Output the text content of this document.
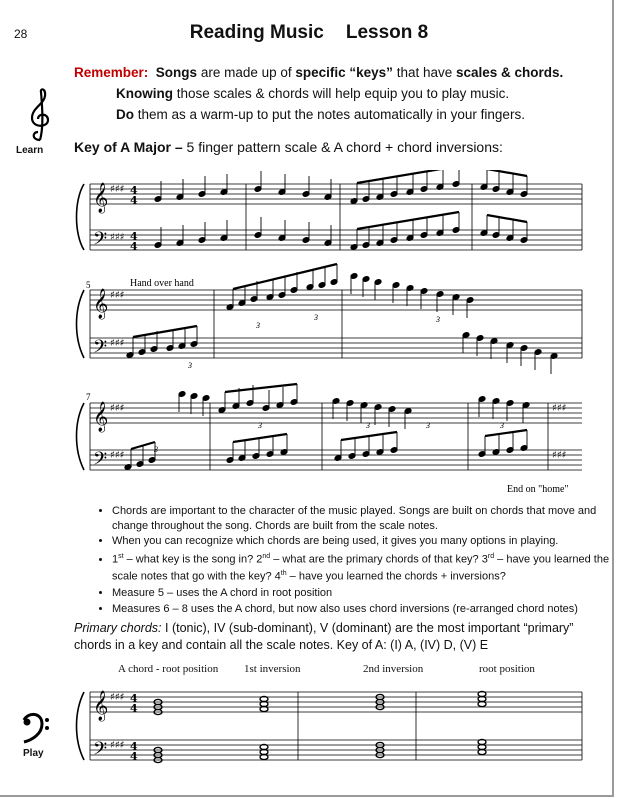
28	Reading Music Lesson 8
Remember: Songs are made up of specific “keys” that have scales & chords.
Knowing those scales & chords will help equip you to play music.
Do them as a warm-up to put the notes automatically in your fingers.
Learn Key of A Major – 5 finger pattern scale & A chord + chord inversions:
𝄞
𝄢
𝄞
𝄢
𝄞
𝄢
♯♯♯
♯♯♯
♯♯♯
♯♯♯
♯♯♯
♯♯♯
♯♯♯
♯♯♯
4
4
4
4
5
7
Hand over hand
End on "home"
3
3	3
3
3
3	3	3	3
• Chords are important to the character of the music played. Songs are built on chords that move and change throughout the song. Chords are built from the scale notes.
• When you can recognize which chords are being used, it gives you many options in playing.
• 1st – what key is the song in? 2nd – what are the primary chords of that key? 3rd – have you learned the scale notes that go with the key? 4th – have you learned the chords + inversions?
• Measure 5 – uses the A chord in root position
• Measures 6 – 8 uses the A chord, but now also uses chord inversions (re-arranged chord notes)
Primary chords: I (tonic), IV (sub-dominant), V (dominant) are the most important “primary” chords in a key and contain all the scale notes. Key of A: (I) A, (IV) D, (V) E
A chord - root position 1st inversion	2nd inversion	root position
𝄞
𝄢
♯♯♯
♯♯♯
4
4
4
4
Play
